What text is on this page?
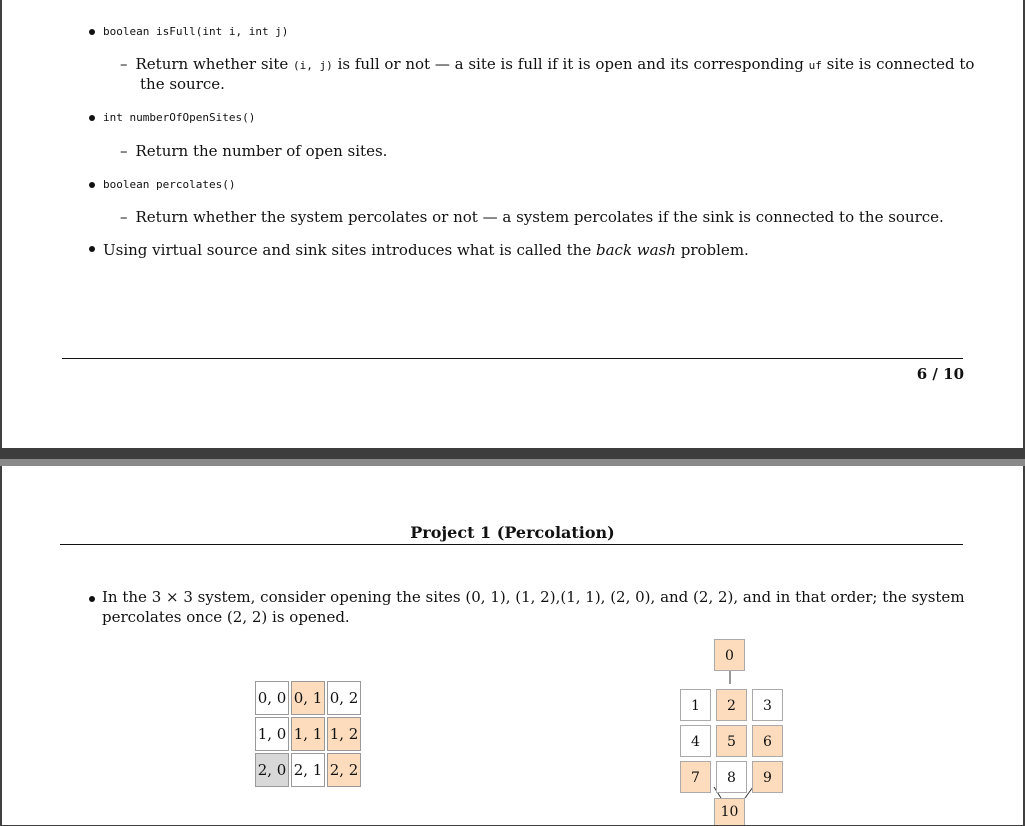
boolean isFull(int i, int j)
– Return whether site (i, j) is full or not — a site is full if it is open and its corresponding uf site is connected to
the source.
int numberOfOpenSites()
– Return the number of open sites.
boolean percolates()
– Return whether the system percolates or not — a system percolates if the sink is connected to the source.
Using virtual source and sink sites introduces what is called the back wash problem.
6 / 10
Project 1 (Percolation)
In the 3 × 3 system, consider opening the sites (0, 1), (1, 2),(1, 1), (2, 0), and (2, 2), and in that order; the system
percolates once (2, 2) is opened.
0, 0	0, 1	0, 2
1, 0	1, 1	1, 2
2, 0	2, 1	2, 2
0
1	2	3
4	5	6
7	8	9
10
